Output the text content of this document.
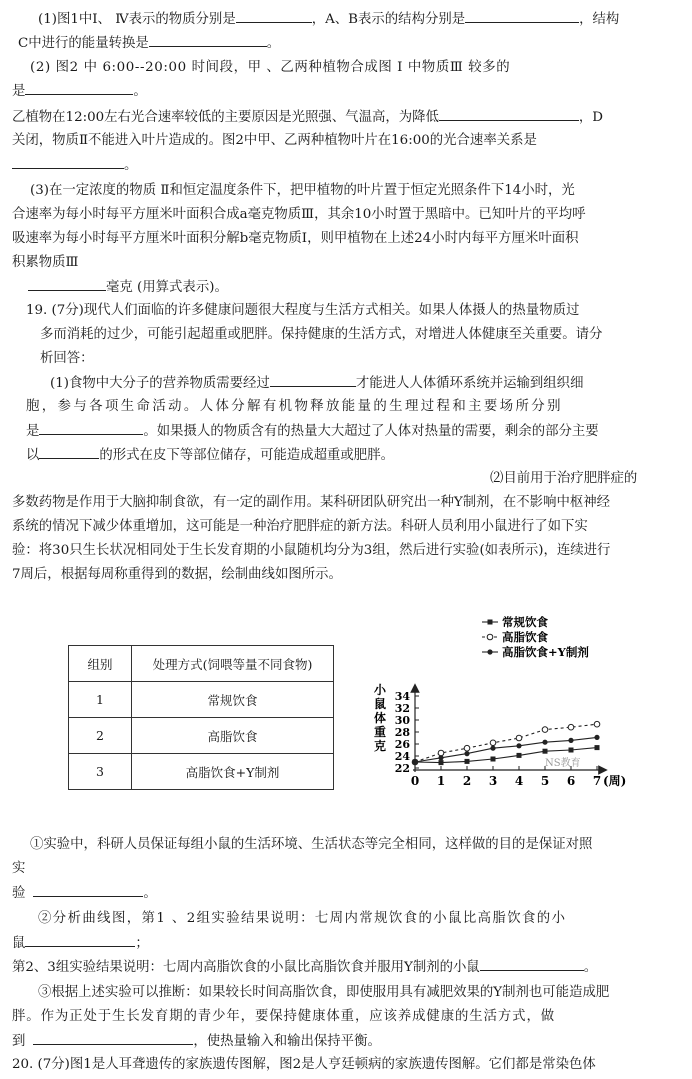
(1)图1中Ⅰ、 Ⅳ表示的物质分别是	，A、B表示的结构分别是	，结构
C中进行的能量转换是	。
(2) 图2 中 6:00--20:00 时间段，甲 、乙两种植物合成图 Ⅰ 中物质Ⅲ 较多的
是	。
乙植物在12:00左右光合速率较低的主要原因是光照强、气温高，为降低	，D
关闭，物质Ⅱ不能进入叶片造成的。图2中甲、乙两种植物叶片在16:00的光合速率关系是
。
(3)在一定浓度的物质 Ⅱ和恒定温度条件下，把甲植物的叶片置于恒定光照条件下14小时，光
合速率为每小时每平方厘米叶面积合成a毫克物质Ⅲ，其余10小时置于黑暗中。已知叶片的平均呼
吸速率为每小时每平方厘米叶面积分解b毫克物质Ⅰ，则甲植物在上述24小时内每平方厘米叶面积
积累物质Ⅲ
毫克 (用算式表示)。
19. (7分)现代人们面临的许多健康问题很大程度与生活方式相关。如果人体摄人的热量物质过
多而消耗的过少，可能引起超重或肥胖。保持健康的生活方式，对增进人体健康至关重要。请分
析回答：
(1)食物中大分子的营养物质需要经过	才能进人人体循环系统并运输到组织细
胞，参与各项生命活动。人体分解有机物释放能量的生理过程和主要场所分别
是	。如果摄人的物质含有的热量大大超过了人体对热量的需要，剩余的部分主要
以	的形式在皮下等部位储存，可能造成超重或肥胖。
⑵目前用于治疗肥胖症的
多数药物是作用于大脑抑制食欲，有一定的副作用。某科研团队研究出一种Y制剂，在不影响中枢神经
系统的情况下减少体重增加，这可能是一种治疗肥胖症的新方法。科研人员利用小鼠进行了如下实
验：将30只生长状况相同处于生长发育期的小鼠随机均分为3组，然后进行实验(如表所示)，连续进行
7周后，根据每周称重得到的数据，绘制曲线如图所示。
组别	处理方式(饲喂等量不同食物)
1	常规饮食
2	高脂饮食
3	高脂饮食+Y制剂	22
24
26
28
30
32
34
0 1 2 3 4 5 6 7 (周)
小鼠体重克
常规饮食
高脂饮食
高脂饮食+Y制剂
NS教育
①实验中，科研人员保证每组小鼠的生活环境、生活状态等完全相同，这样做的目的是保证对照
实
验	。
②分析曲线图，第1 、2组实验结果说明：七周内常规饮食的小鼠比高脂饮食的小
鼠	；
第2、3组实验结果说明：七周内高脂饮食的小鼠比高脂饮食并服用Y制剂的小鼠	。
③根据上述实验可以推断：如果较长时间高脂饮食，即使服用具有减肥效果的Y制剂也可能造成肥
胖。作为正处于生长发育期的青少年，要保持健康体重，应该养成健康的生活方式，做
到	，使热量输入和输出保持平衡。
20. (7分)图1是人耳聋遗传的家族遗传图解，图2是人亨廷顿病的家族遗传图解。它们都是常染色体
